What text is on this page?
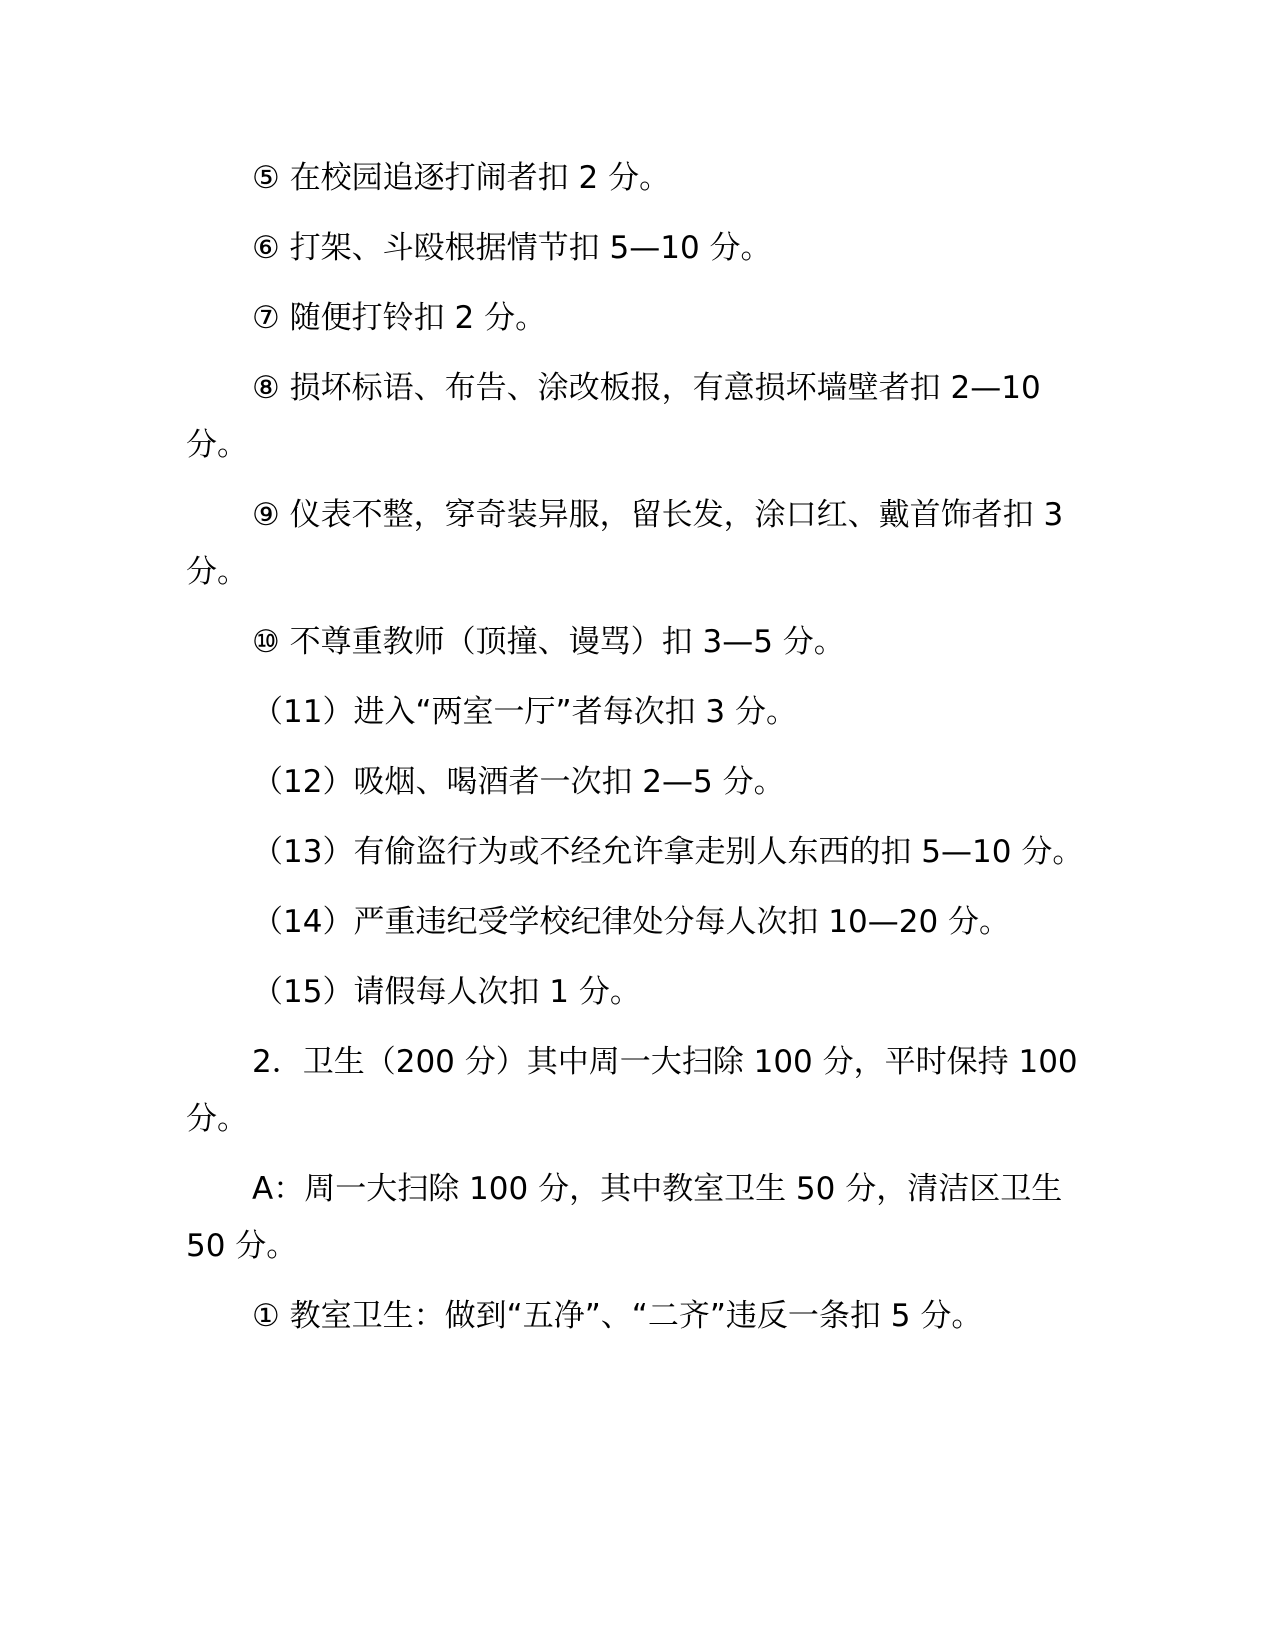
⑤ 在校园追逐打闹者扣 2 分。

⑥ 打架、斗殴根据情节扣 5—10 分。

⑦ 随便打铃扣 2 分。

⑧ 损坏标语、布告、涂改板报，有意损坏墙壁者扣 2—10 分。

⑨ 仪表不整，穿奇装异服，留长发，涂口红、戴首饰者扣 3 分。

⑩ 不尊重教师（顶撞、谩骂）扣 3—5 分。

（11）进入“两室一厅”者每次扣 3 分。

（12）吸烟、喝酒者一次扣 2—5 分。

（13）有偷盗行为或不经允许拿走别人东西的扣 5—10 分。

（14）严重违纪受学校纪律处分每人次扣 10—20 分。

（15）请假每人次扣 1 分。

2．卫生（200 分）其中周一大扫除 100 分，平时保持 100 分。

A：周一大扫除 100 分，其中教室卫生 50 分，清洁区卫生 50 分。

① 教室卫生：做到“五净”、“二齐”违反一条扣 5 分。
